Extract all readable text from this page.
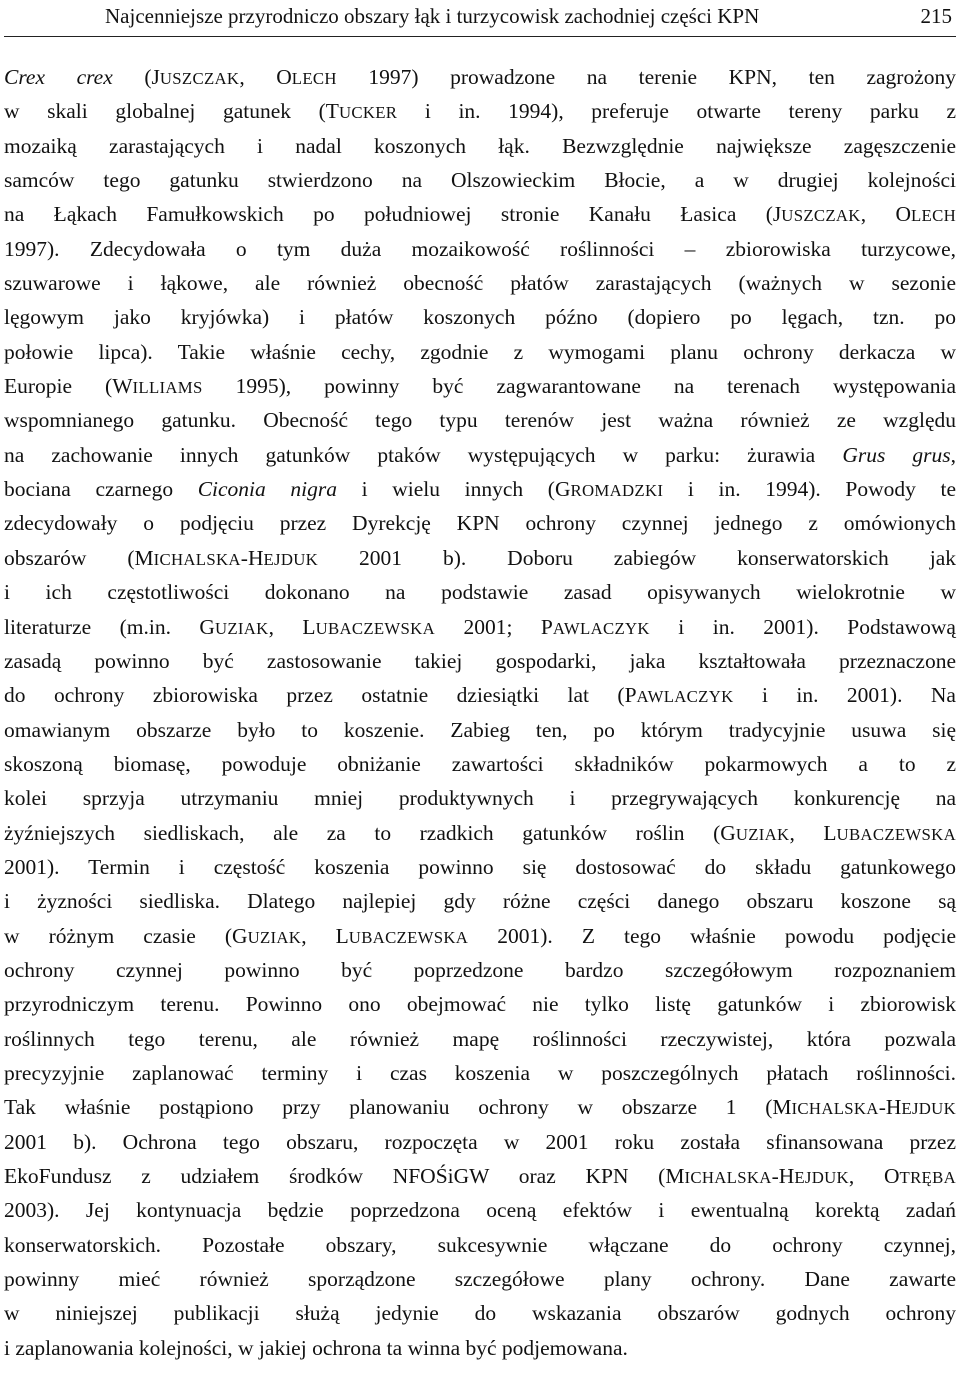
Najcenniejsze przyrodniczo obszary łąk i turzycowisk zachodniej części KPN	215
Crex crex (JUSZCZAK, OLECH 1997) prowadzone na terenie KPN, ten zagrożony
w skali globalnej gatunek (TUCKER i in. 1994), preferuje otwarte tereny parku z
mozaiką zarastających i nadal koszonych łąk. Bezwzględnie największe zagęszczenie
samców tego gatunku stwierdzono na Olszowieckim Błocie, a w drugiej kolejności
na Łąkach Famułkowskich po południowej stronie Kanału Łasica (JUSZCZAK, OLECH
1997). Zdecydowała o tym duża mozaikowość roślinności – zbiorowiska turzycowe,
szuwarowe i łąkowe, ale również obecność płatów zarastających (ważnych w sezonie
lęgowym jako kryjówka) i płatów koszonych późno (dopiero po lęgach, tzn. po
połowie lipca). Takie właśnie cechy, zgodnie z wymogami planu ochrony derkacza w
Europie (WILLIAMS 1995), powinny być zagwarantowane na terenach występowania
wspomnianego gatunku. Obecność tego typu terenów jest ważna również ze względu
na zachowanie innych gatunków ptaków występujących w parku: żurawia Grus grus,
bociana czarnego Ciconia nigra i wielu innych (GROMADZKI i in. 1994). Powody te
zdecydowały o podjęciu przez Dyrekcję KPN ochrony czynnej jednego z omówionych
obszarów (MICHALSKA-HEJDUK 2001 b). Doboru zabiegów konserwatorskich jak
i ich częstotliwości dokonano na podstawie zasad opisywanych wielokrotnie w
literaturze (m.in. GUZIAK, LUBACZEWSKA 2001; PAWLACZYK i in. 2001). Podstawową
zasadą powinno być zastosowanie takiej gospodarki, jaka kształtowała przeznaczone
do ochrony zbiorowiska przez ostatnie dziesiątki lat (PAWLACZYK i in. 2001). Na
omawianym obszarze było to koszenie. Zabieg ten, po którym tradycyjnie usuwa się
skoszoną biomasę, powoduje obniżanie zawartości składników pokarmowych a to z
kolei sprzyja utrzymaniu mniej produktywnych i przegrywających konkurencję na
żyźniejszych siedliskach, ale za to rzadkich gatunków roślin (GUZIAK, LUBACZEWSKA
2001). Termin i częstość koszenia powinno się dostosować do składu gatunkowego
i żyzności siedliska. Dlatego najlepiej gdy różne części danego obszaru koszone są
w różnym czasie (GUZIAK, LUBACZEWSKA 2001). Z tego właśnie powodu podjęcie
ochrony czynnej powinno być poprzedzone bardzo szczegółowym rozpoznaniem
przyrodniczym terenu. Powinno ono obejmować nie tylko listę gatunków i zbiorowisk
roślinnych tego terenu, ale również mapę roślinności rzeczywistej, która pozwala
precyzyjnie zaplanować terminy i czas koszenia w poszczególnych płatach roślinności.
Tak właśnie postąpiono przy planowaniu ochrony w obszarze 1 (MICHALSKA-HEJDUK
2001 b). Ochrona tego obszaru, rozpoczęta w 2001 roku została sfinansowana przez
EkoFundusz z udziałem środków NFOŚiGW oraz KPN (MICHALSKA-HEJDUK, OTRĘBA
2003). Jej kontynuacja będzie poprzedzona oceną efektów i ewentualną korektą zadań
konserwatorskich. Pozostałe obszary, sukcesywnie włączane do ochrony czynnej,
powinny mieć również sporządzone szczegółowe plany ochrony. Dane zawarte
w niniejszej publikacji służą jedynie do wskazania obszarów godnych ochrony
i zaplanowania kolejności, w jakiej ochrona ta winna być podjemowana.
